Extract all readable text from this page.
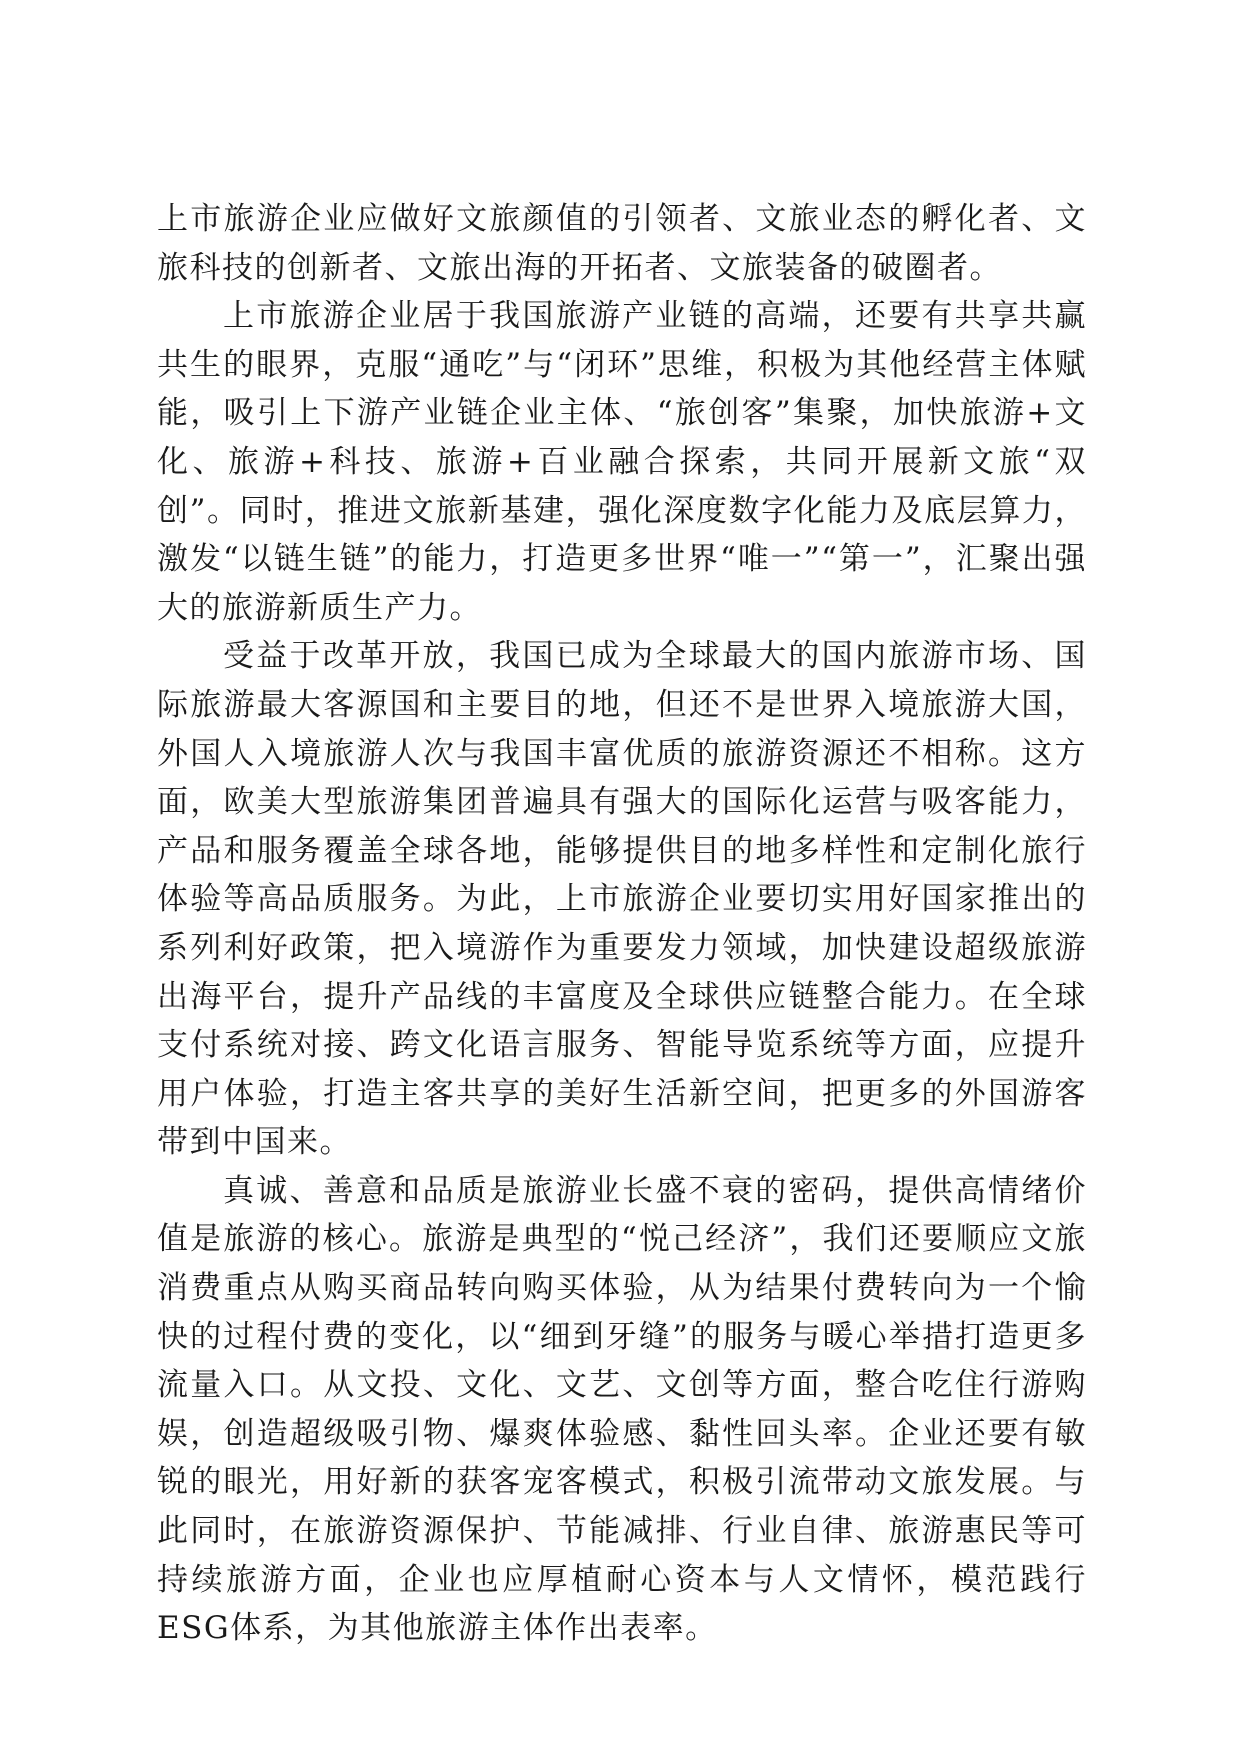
上市旅游企业应做好文旅颜值的引领者、文旅业态的孵化者、文旅科技的创新者、文旅出海的开拓者、文旅装备的破圈者。

上市旅游企业居于我国旅游产业链的高端，还要有共享共赢共生的眼界，克服“通吃”与“闭环”思维，积极为其他经营主体赋能，吸引上下游产业链企业主体、“旅创客”集聚，加快旅游+文化、旅游+科技、旅游+百业融合探索，共同开展新文旅“双创”。同时，推进文旅新基建，强化深度数字化能力及底层算力，激发“以链生链”的能力，打造更多世界“唯一”“第一”，汇聚出强大的旅游新质生产力。

受益于改革开放，我国已成为全球最大的国内旅游市场、国际旅游最大客源国和主要目的地，但还不是世界入境旅游大国，外国人入境旅游人次与我国丰富优质的旅游资源还不相称。这方面，欧美大型旅游集团普遍具有强大的国际化运营与吸客能力，产品和服务覆盖全球各地，能够提供目的地多样性和定制化旅行体验等高品质服务。为此，上市旅游企业要切实用好国家推出的系列利好政策，把入境游作为重要发力领域，加快建设超级旅游出海平台，提升产品线的丰富度及全球供应链整合能力。在全球支付系统对接、跨文化语言服务、智能导览系统等方面，应提升用户体验，打造主客共享的美好生活新空间，把更多的外国游客带到中国来。

真诚、善意和品质是旅游业长盛不衰的密码，提供高情绪价值是旅游的核心。旅游是典型的“悦己经济”，我们还要顺应文旅消费重点从购买商品转向购买体验，从为结果付费转向为一个愉快的过程付费的变化，以“细到牙缝”的服务与暖心举措打造更多流量入口。从文投、文化、文艺、文创等方面，整合吃住行游购娱，创造超级吸引物、爆爽体验感、黏性回头率。企业还要有敏锐的眼光，用好新的获客宠客模式，积极引流带动文旅发展。与此同时，在旅游资源保护、节能减排、行业自律、旅游惠民等可持续旅游方面，企业也应厚植耐心资本与人文情怀，模范践行ESG体系，为其他旅游主体作出表率。
